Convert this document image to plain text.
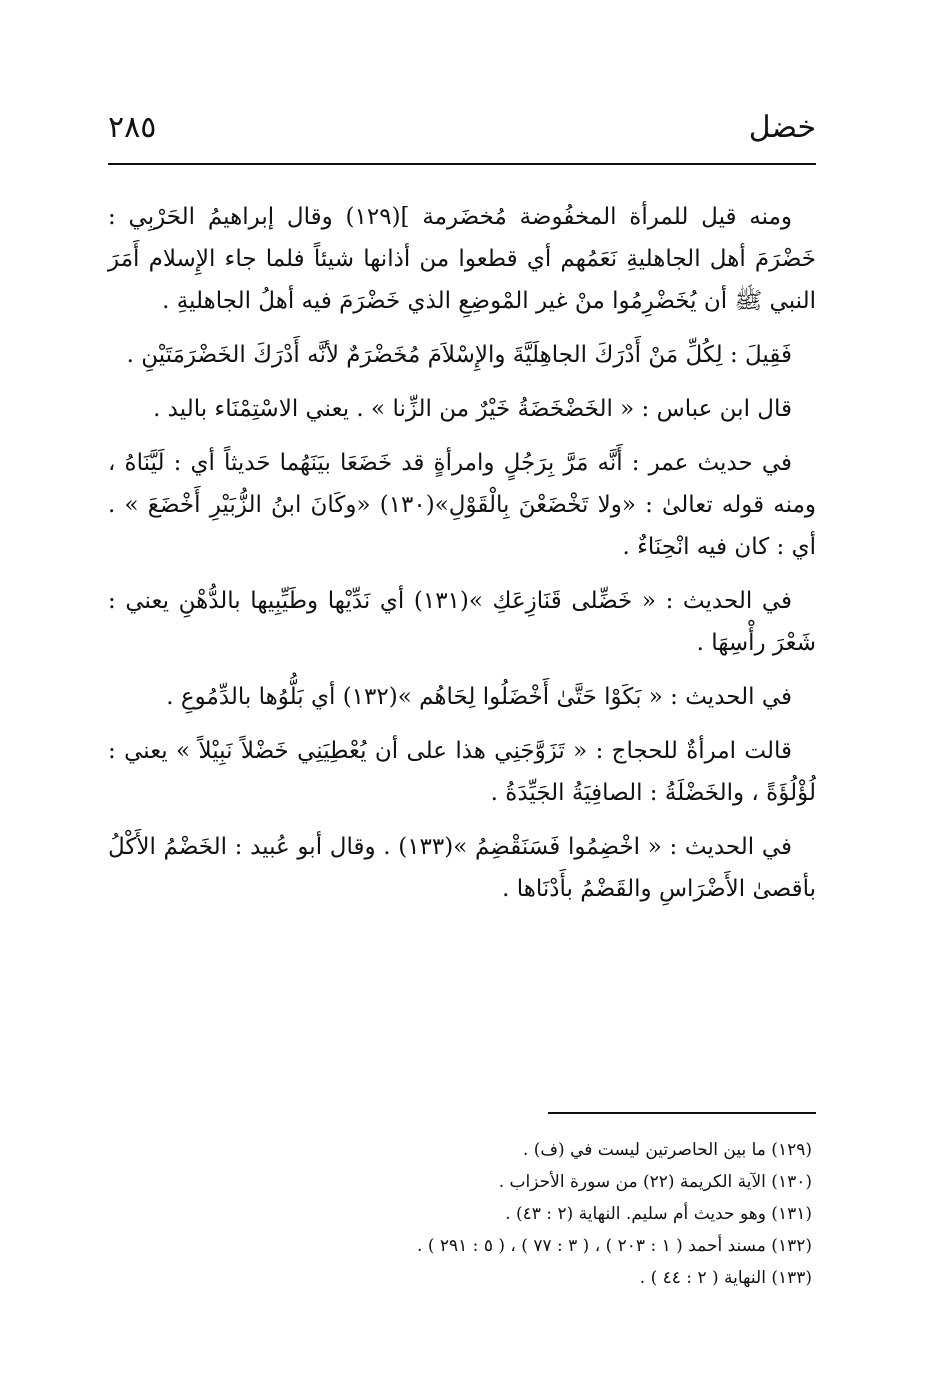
خضل
٢٨٥

ومنه قيل للمرأة المخفُوضة مُخضَرمة ](١٢٩) وقال إبراهيمُ الحَرْبِي : خَضْرَمَ أهل الجاهليةِ نَعَمُهم أي قطعوا من أذانها شيئاً فلما جاء الإِسلام أَمَرَ النبي ﷺ أن يُخَضْرِمُوا منْ غير المْوضِعِ الذي خَضْرَمَ فيه أهلُ الجاهليةِ .

فَقِيلَ : لِكُلِّ مَنْ أَدْرَكَ الجاهِلَيَّةَ والإِسْلاَمَ مُخَضْرَمٌ لأنَّه أَدْرَكَ الخَضْرَمَتَيْنِ .

قال ابن عباس : « الخَضْخَضَةُ خَيْرٌ من الزِّنا » . يعني الاسْتِمْنَاء باليد .

في حديث عمر : أَنَّه مَرَّ بِرَجُلٍ وامرأةٍ قد خَضَعَا بيَنَهُما حَديثاً أي : لَيَّنَاهُ ، ومنه قوله تعالىٰ : «ولا تَخْضَعْنَ بِالْقَوْلِ»(١٣٠) «وكَانَ ابنُ الزُّبَيْرِ أَخْضَعَ » . أي : كان فيه انْحِنَاءٌ .

في الحديث : « خَضِّلى قَنَازِعَكِ »(١٣١) أي نَدِّيْها وطَيِّبِيها بالدُّهْنِ يعني : شَعْرَ رأْسِهَا .

في الحديث : « بَكَوْا حَتَّىٰ أَخْضَلُوا لِحَاهُم »(١٣٢) أي بَلُّوُها بالدِّمُوعِ .

قالت امرأةٌ للحجاج : « تَزَوَّجَنِي هذا على أن يُعْطِيَنِي خَضْلاً نَبِيْلاً » يعني : لُؤْلُؤَةً ، والخَضْلَةُ : الصافِيَةُ الجَيِّدَةُ .

في الحديث : « اخْضِمُوا فَسَنَقْضِمُ »(١٣٣) . وقال أبو عُبيد : الخَضْمُ الأَكْلُ بأقصىٰ الأَضْرَاسِ والقَضْمُ بأَدْنَاها .

(١٢٩) ما بين الحاصرتين ليست في (ف) .

(١٣٠) الآية الكريمة (٢٢) من سورة الأحزاب .

(١٣١) وهو حديث أم سليم. النهاية (٢ : ٤٣) .

(١٣٢) مسند أحمد ( ١ : ٢٠٣ ) ، ( ٣ : ٧٧ ) ، ( ٥ : ٢٩١ ) .

(١٣٣) النهاية ( ٢ : ٤٤ ) .
